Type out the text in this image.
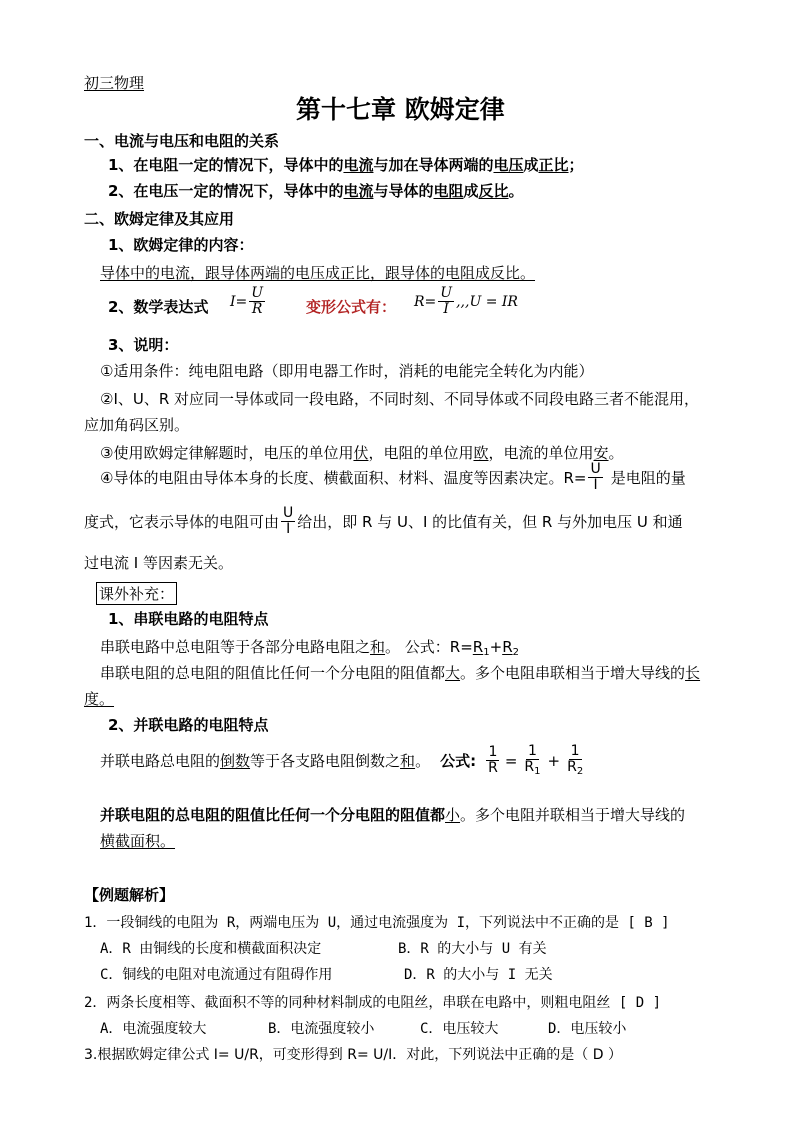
初三物理
第十七章 欧姆定律
一、电流与电压和电阻的关系
1、在电阻一定的情况下，导体中的电流与加在导体两端的电压成正比；
2、在电压一定的情况下，导体中的电流与导体的电阻成反比。
二、欧姆定律及其应用
1、欧姆定律的内容：
导体中的电流，跟导体两端的电压成正比，跟导体的电阻成反比。
2、数学表达式 $I= \frac{U}{R}$	变形公式有： $R= \frac{U}{I} ,,,U$ = IR
3、说明：
①适用条件：纯电阻电路（即用电器工作时，消耗的电能完全转化为内能）
②I、U、R 对应同一导体或同一段电路，不同时刻、不同导体或不同段电路三者不能混用，
应加角码区别。
③使用欧姆定律解题时，电压的单位用伏，电阻的单位用欧，电流的单位用安。
④导体的电阻由导体本身的长度、横截面积、材料、温度等因素决定。$R= \frac{U}{I}$ 是电阻的量
度式，它表示导体的电阻可由 $\frac{U}{I}$ 给出，即 R 与 U、I 的比值有关，但 R 与外加电压 U 和通
过电流 I 等因素无关。
课外补充：
1、串联电路的电阻特点
串联电路中总电阻等于各部分电路电阻之和。 公式：$R=R_1+R_2$
串联电阻的总电阻的阻值比任何一个分电阻的阻值都大。多个电阻串联相当于增大导线的长
度。
2、并联电路的电阻特点
并联电路总电阻的 倒数 等于各支路电阻倒数之 和 。 公式: $\frac{1}{R} = \frac{1}{R_1} + \frac{1}{R_2}$
并联电阻的总电阻的阻值比任何一个分电阻的阻值都小。多个电阻并联相当于增大导线的
横截面积。
【例题解析】
1．一段铜线的电阻为 R，两端电压为 U，通过电流强度为 I，下列说法中不正确的是 [ B ]
A．R 由铜线的长度和横截面积决定	B．R 的大小与 U 有关
C．铜线的电阻对电流通过有阻碍作用	D．R 的大小与 I 无关
2．两条长度相等、截面积不等的同种材料制成的电阻丝，串联在电路中，则粗电阻丝 [ D ]
A．电流强度较大	B．电流强度较小	C．电压较大	D．电压较小
3.根据欧姆定律公式 I= U/R，可变形得到 R= U/I．对此，下列说法中正确的是（ D ）
